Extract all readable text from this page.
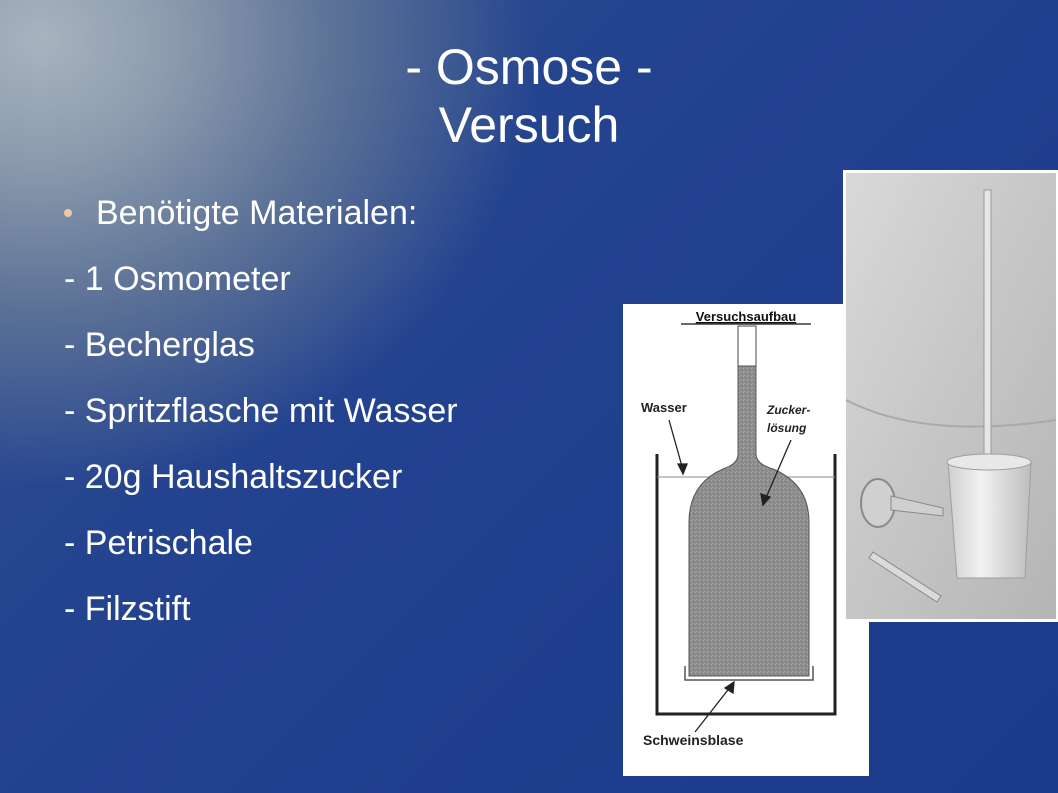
- Osmose -
Versuch
Benötigte Materialen:
- 1 Osmometer
- Becherglas
- Spritzflasche mit Wasser
- 20g Haushaltszucker
- Petrischale
- Filzstift
Versuchsaufbau
Wasser	Zucker-
lösung
Schweinsblase
